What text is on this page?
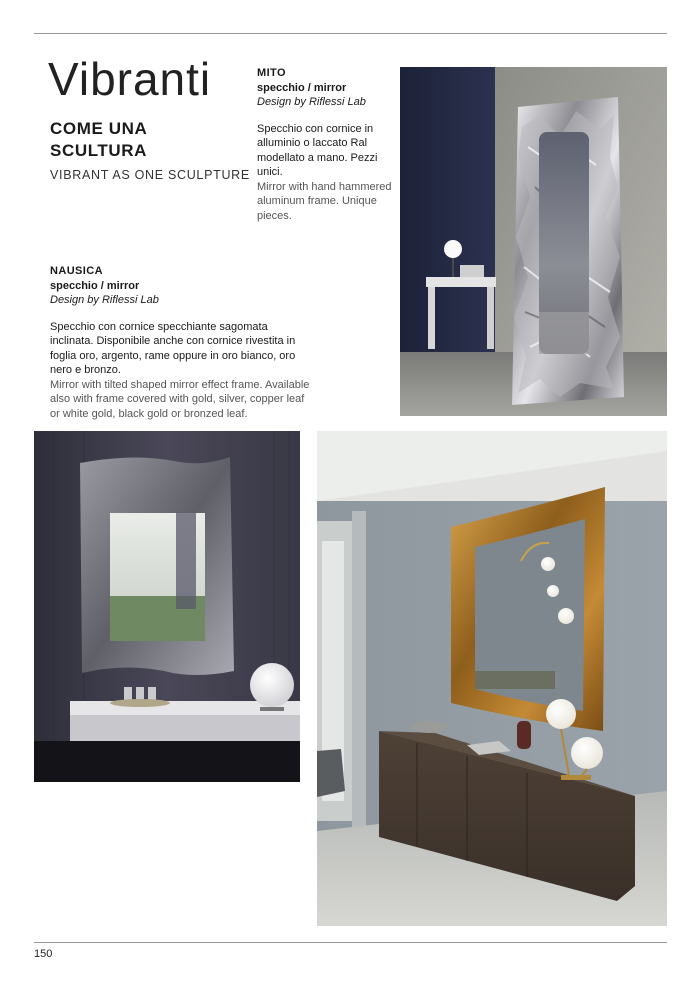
Vibranti
COME UNA
SCULTURA
VIBRANT AS ONE SCULPTURE
MITO
specchio / mirror
Design by Riflessi Lab
Specchio con cornice in alluminio o laccato Ral modellato a mano. Pezzi unici.
Mirror with hand hammered aluminum frame. Unique pieces.
NAUSICA
specchio / mirror
Design by Riflessi Lab
Specchio con cornice specchiante sagomata inclinata. Disponibile anche con cornice rivestita in foglia oro, argento, rame oppure in oro bianco, oro nero e bronzo.
Mirror with tilted shaped mirror effect frame. Available also with frame covered with gold, silver, copper leaf or white gold, black gold or bronzed leaf.
150
